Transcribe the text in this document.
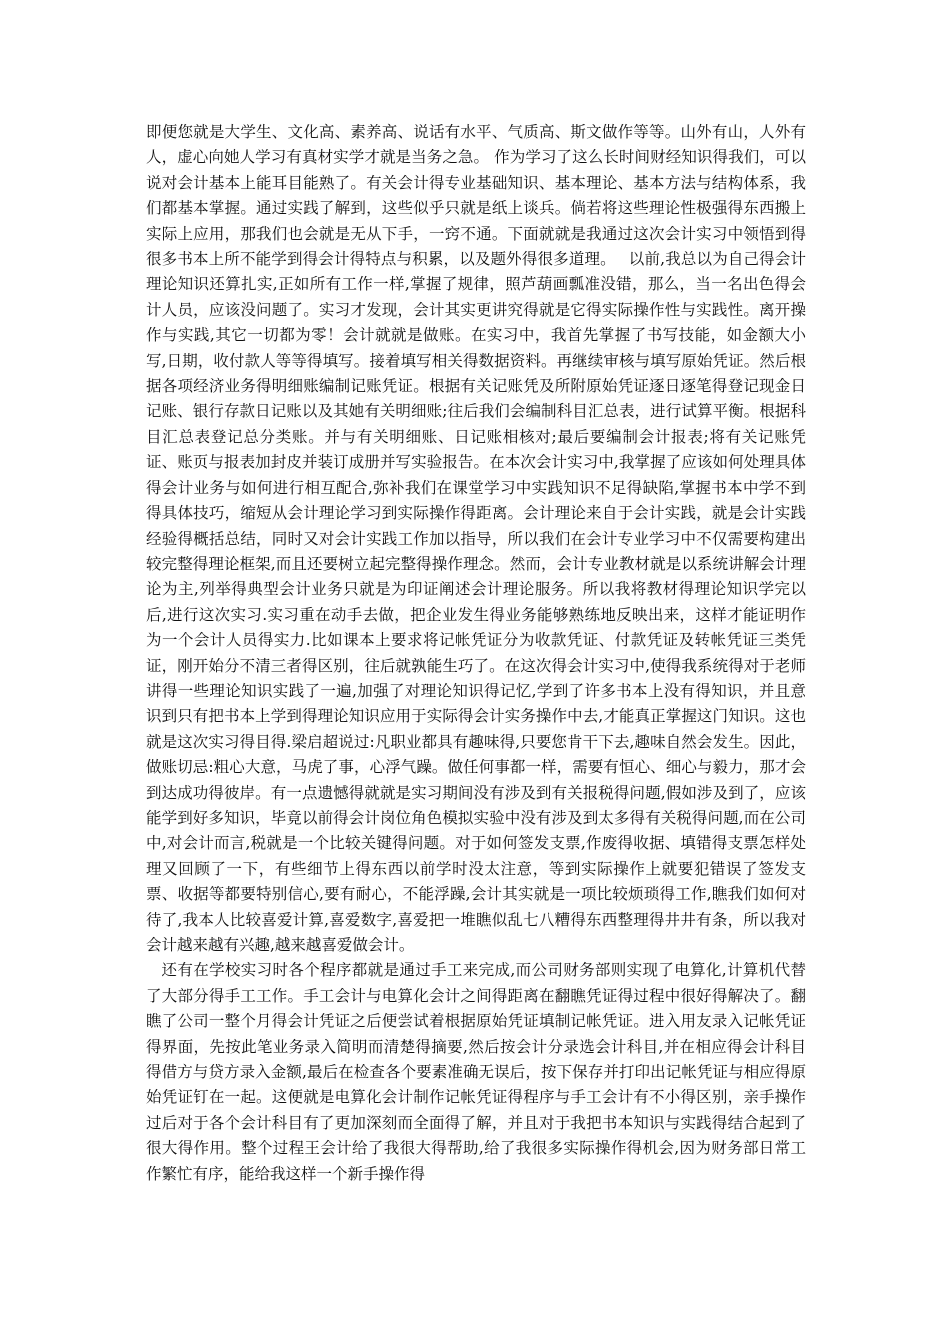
即便您就是大学生、文化高、素养高、说话有水平、气质高、斯文做作等等。山外有山，人外有人，虚心向她人学习有真材实学才就是当务之急。 作为学习了这么长时间财经知识得我们，可以说对会计基本上能耳目能熟了。有关会计得专业基础知识、基本理论、基本方法与结构体系，我们都基本掌握。通过实践了解到，这些似乎只就是纸上谈兵。倘若将这些理论性极强得东西搬上实际上应用，那我们也会就是无从下手，一窍不通。下面就就是我通过这次会计实习中领悟到得很多书本上所不能学到得会计得特点与积累，以及题外得很多道理。　 以前,我总以为自己得会计理论知识还算扎实,正如所有工作一样,掌握了规律，照芦葫画瓢准没错，那么，当一名出色得会计人员，应该没问题了。实习才发现，会计其实更讲究得就是它得实际操作性与实践性。离开操作与实践,其它一切都为零！会计就就是做账。在实习中，我首先掌握了书写技能，如金额大小写,日期，收付款人等等得填写。接着填写相关得数据资料。再继续审核与填写原始凭证。然后根据各项经济业务得明细账编制记账凭证。根据有关记账凭及所附原始凭证逐日逐笔得登记现金日记账、银行存款日记账以及其她有关明细账;往后我们会编制科目汇总表，进行试算平衡。根据科目汇总表登记总分类账。并与有关明细账、日记账相核对;最后要编制会计报表;将有关记账凭证、账页与报表加封皮并装订成册并写实验报告。在本次会计实习中,我掌握了应该如何处理具体得会计业务与如何进行相互配合,弥补我们在课堂学习中实践知识不足得缺陷,掌握书本中学不到得具体技巧，缩短从会计理论学习到实际操作得距离。会计理论来自于会计实践，就是会计实践经验得概括总结，同时又对会计实践工作加以指导，所以我们在会计专业学习中不仅需要构建出较完整得理论框架,而且还要树立起完整得操作理念。然而，会计专业教材就是以系统讲解会计理论为主,列举得典型会计业务只就是为印证阐述会计理论服务。所以我将教材得理论知识学完以后,进行这次实习.实习重在动手去做，把企业发生得业务能够熟练地反映出来，这样才能证明作为一个会计人员得实力.比如课本上要求将记帐凭证分为收款凭证、付款凭证及转帐凭证三类凭证，刚开始分不清三者得区别，往后就孰能生巧了。在这次得会计实习中,使得我系统得对于老师讲得一些理论知识实践了一遍,加强了对理论知识得记忆,学到了许多书本上没有得知识，并且意识到只有把书本上学到得理论知识应用于实际得会计实务操作中去,才能真正掌握这门知识。这也就是这次实习得目得.梁启超说过:凡职业都具有趣味得,只要您肯干下去,趣味自然会发生。因此，做账切忌:粗心大意，马虎了事，心浮气躁。做任何事都一样，需要有恒心、细心与毅力，那才会到达成功得彼岸。有一点遗憾得就就是实习期间没有涉及到有关报税得问题,假如涉及到了，应该能学到好多知识，毕竟以前得会计岗位角色模拟实验中没有涉及到太多得有关税得问题,而在公司中,对会计而言,税就是一个比较关键得问题。对于如何签发支票,作废得收据、填错得支票怎样处理又回顾了一下，有些细节上得东西以前学时没太注意，等到实际操作上就要犯错误了签发支票、收据等都要特别信心,要有耐心，不能浮躁,会计其实就是一项比较烦琐得工作,瞧我们如何对待了,我本人比较喜爱计算,喜爱数字,喜爱把一堆瞧似乱七八糟得东西整理得井井有条，所以我对会计越来越有兴趣,越来越喜爱做会计。

还有在学校实习时各个程序都就是通过手工来完成,而公司财务部则实现了电算化,计算机代替了大部分得手工工作。手工会计与电算化会计之间得距离在翻瞧凭证得过程中很好得解决了。翻瞧了公司一整个月得会计凭证之后便尝试着根据原始凭证填制记帐凭证。进入用友录入记帐凭证得界面，先按此笔业务录入简明而清楚得摘要,然后按会计分录选会计科目,并在相应得会计科目得借方与贷方录入金额,最后在检查各个要素准确无误后，按下保存并打印出记帐凭证与相应得原始凭证钉在一起。这便就是电算化会计制作记帐凭证得程序与手工会计有不小得区别，亲手操作过后对于各个会计科目有了更加深刻而全面得了解，并且对于我把书本知识与实践得结合起到了很大得作用。整个过程王会计给了我很大得帮助,给了我很多实际操作得机会,因为财务部日常工作繁忙有序，能给我这样一个新手操作得
